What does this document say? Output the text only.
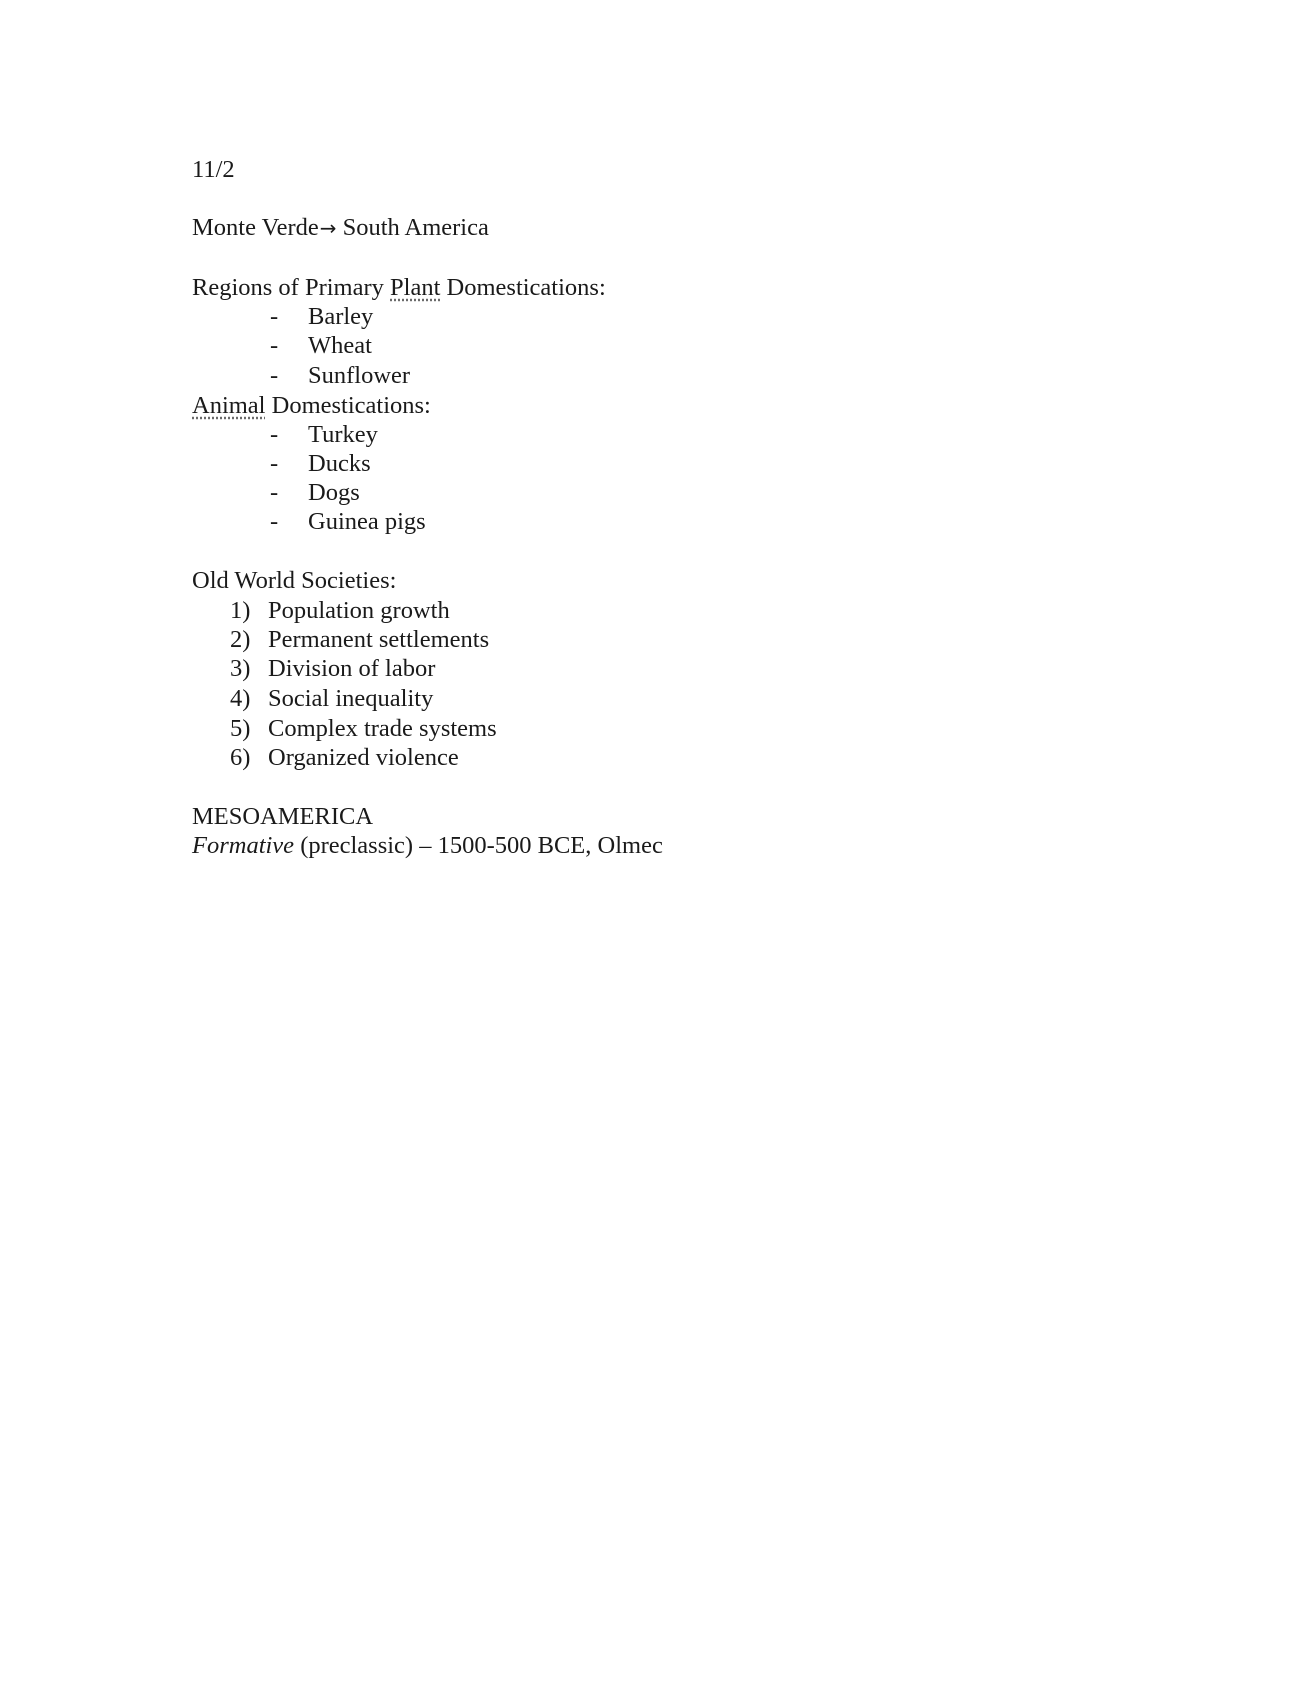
11/2
Monte Verde→ South America
Regions of Primary Plant Domestications:
- Barley
- Wheat
- Sunflower
Animal Domestications:
- Turkey
- Ducks
- Dogs
- Guinea pigs
Old World Societies:
1) Population growth
2) Permanent settlements
3) Division of labor
4) Social inequality
5) Complex trade systems
6) Organized violence
MESOAMERICA
Formative (preclassic) – 1500-500 BCE, Olmec
